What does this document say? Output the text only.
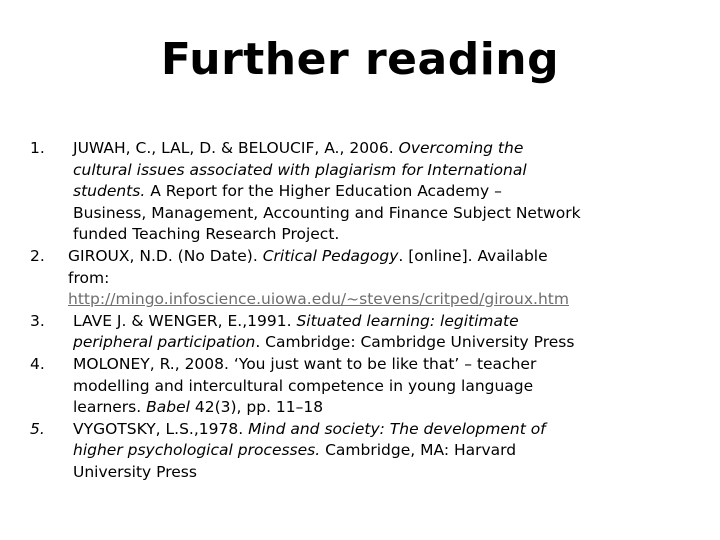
Further reading
1. JUWAH, C., LAL, D. & BELOUCIF, A., 2006. Overcoming the
cultural issues associated with plagiarism for International
students. A Report for the Higher Education Academy –
Business, Management, Accounting and Finance Subject Network
funded Teaching Research Project.
2. GIROUX, N.D. (No Date). Critical Pedagogy. [online]. Available
from:
http://mingo.infoscience.uiowa.edu/~stevens/critped/giroux.htm
3. LAVE J. & WENGER, E.,1991. Situated learning: legitimate
peripheral participation. Cambridge: Cambridge University Press
4. MOLONEY, R., 2008. ‘You just want to be like that’ – teacher
modelling and intercultural competence in young language
learners. Babel 42(3), pp. 11–18
5. VYGOTSKY, L.S.,1978. Mind and society: The development of
higher psychological processes. Cambridge, MA: Harvard
University Press
